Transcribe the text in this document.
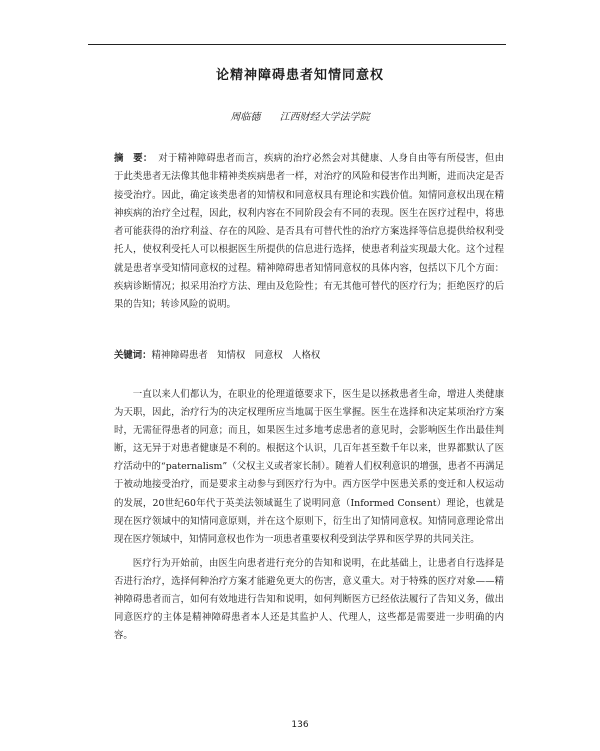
论精神障碍患者知情同意权
周临德 江西财经大学法学院
摘　要： 对于精神障碍患者而言，疾病的治疗必然会对其健康、人身自由等有所侵害，但由于此类患者无法像其他非精神类疾病患者一样，对治疗的风险和侵害作出判断，进而决定是否接受治疗。因此，确定该类患者的知情权和同意权具有理论和实践价值。知情同意权出现在精神疾病的治疗全过程，因此，权利内容在不同阶段会有不同的表现。医生在医疗过程中，将患者可能获得的治疗利益、存在的风险、是否具有可替代性的治疗方案选择等信息提供给权利受托人，使权利受托人可以根据医生所提供的信息进行选择，使患者利益实现最大化。这个过程就是患者享受知情同意权的过程。精神障碍患者知情同意权的具体内容，包括以下几个方面：疾病诊断情况；拟采用治疗方法、理由及危险性；有无其他可替代的医疗行为；拒绝医疗的后果的告知；转诊风险的说明。
关键词：精神障碍患者　知情权　同意权　人格权

一直以来人们都认为，在职业的伦理道德要求下，医生是以拯救患者生命，增进人类健康为天职，因此，治疗行为的决定权理所应当地属于医生掌握。医生在选择和决定某项治疗方案时，无需征得患者的同意；而且，如果医生过多地考虑患者的意见时，会影响医生作出最佳判断，这无异于对患者健康是不利的。根据这个认识，几百年甚至数千年以来，世界都默认了医疗活动中的“paternalism”（父权主义或者家长制）。随着人们权利意识的增强，患者不再满足于被动地接受治疗，而是要求主动参与到医疗行为中。西方医学中医患关系的变迁和人权运动的发展，20世纪60年代于英美法领域诞生了说明同意（Informed Consent）理论，也就是现在医疗领域中的知情同意原则，并在这个原则下，衍生出了知情同意权。知情同意理论常出现在医疗领域中，知情同意权也作为一项患者重要权利受到法学界和医学界的共同关注。

医疗行为开始前，由医生向患者进行充分的告知和说明，在此基础上，让患者自行选择是否进行治疗，选择何种治疗方案才能避免更大的伤害，意义重大。对于特殊的医疗对象——精神障碍患者而言，如何有效地进行告知和说明，如何判断医方已经依法履行了告知义务，做出同意医疗的主体是精神障碍患者本人还是其监护人、代理人，这些都是需要进一步明确的内容。

136
